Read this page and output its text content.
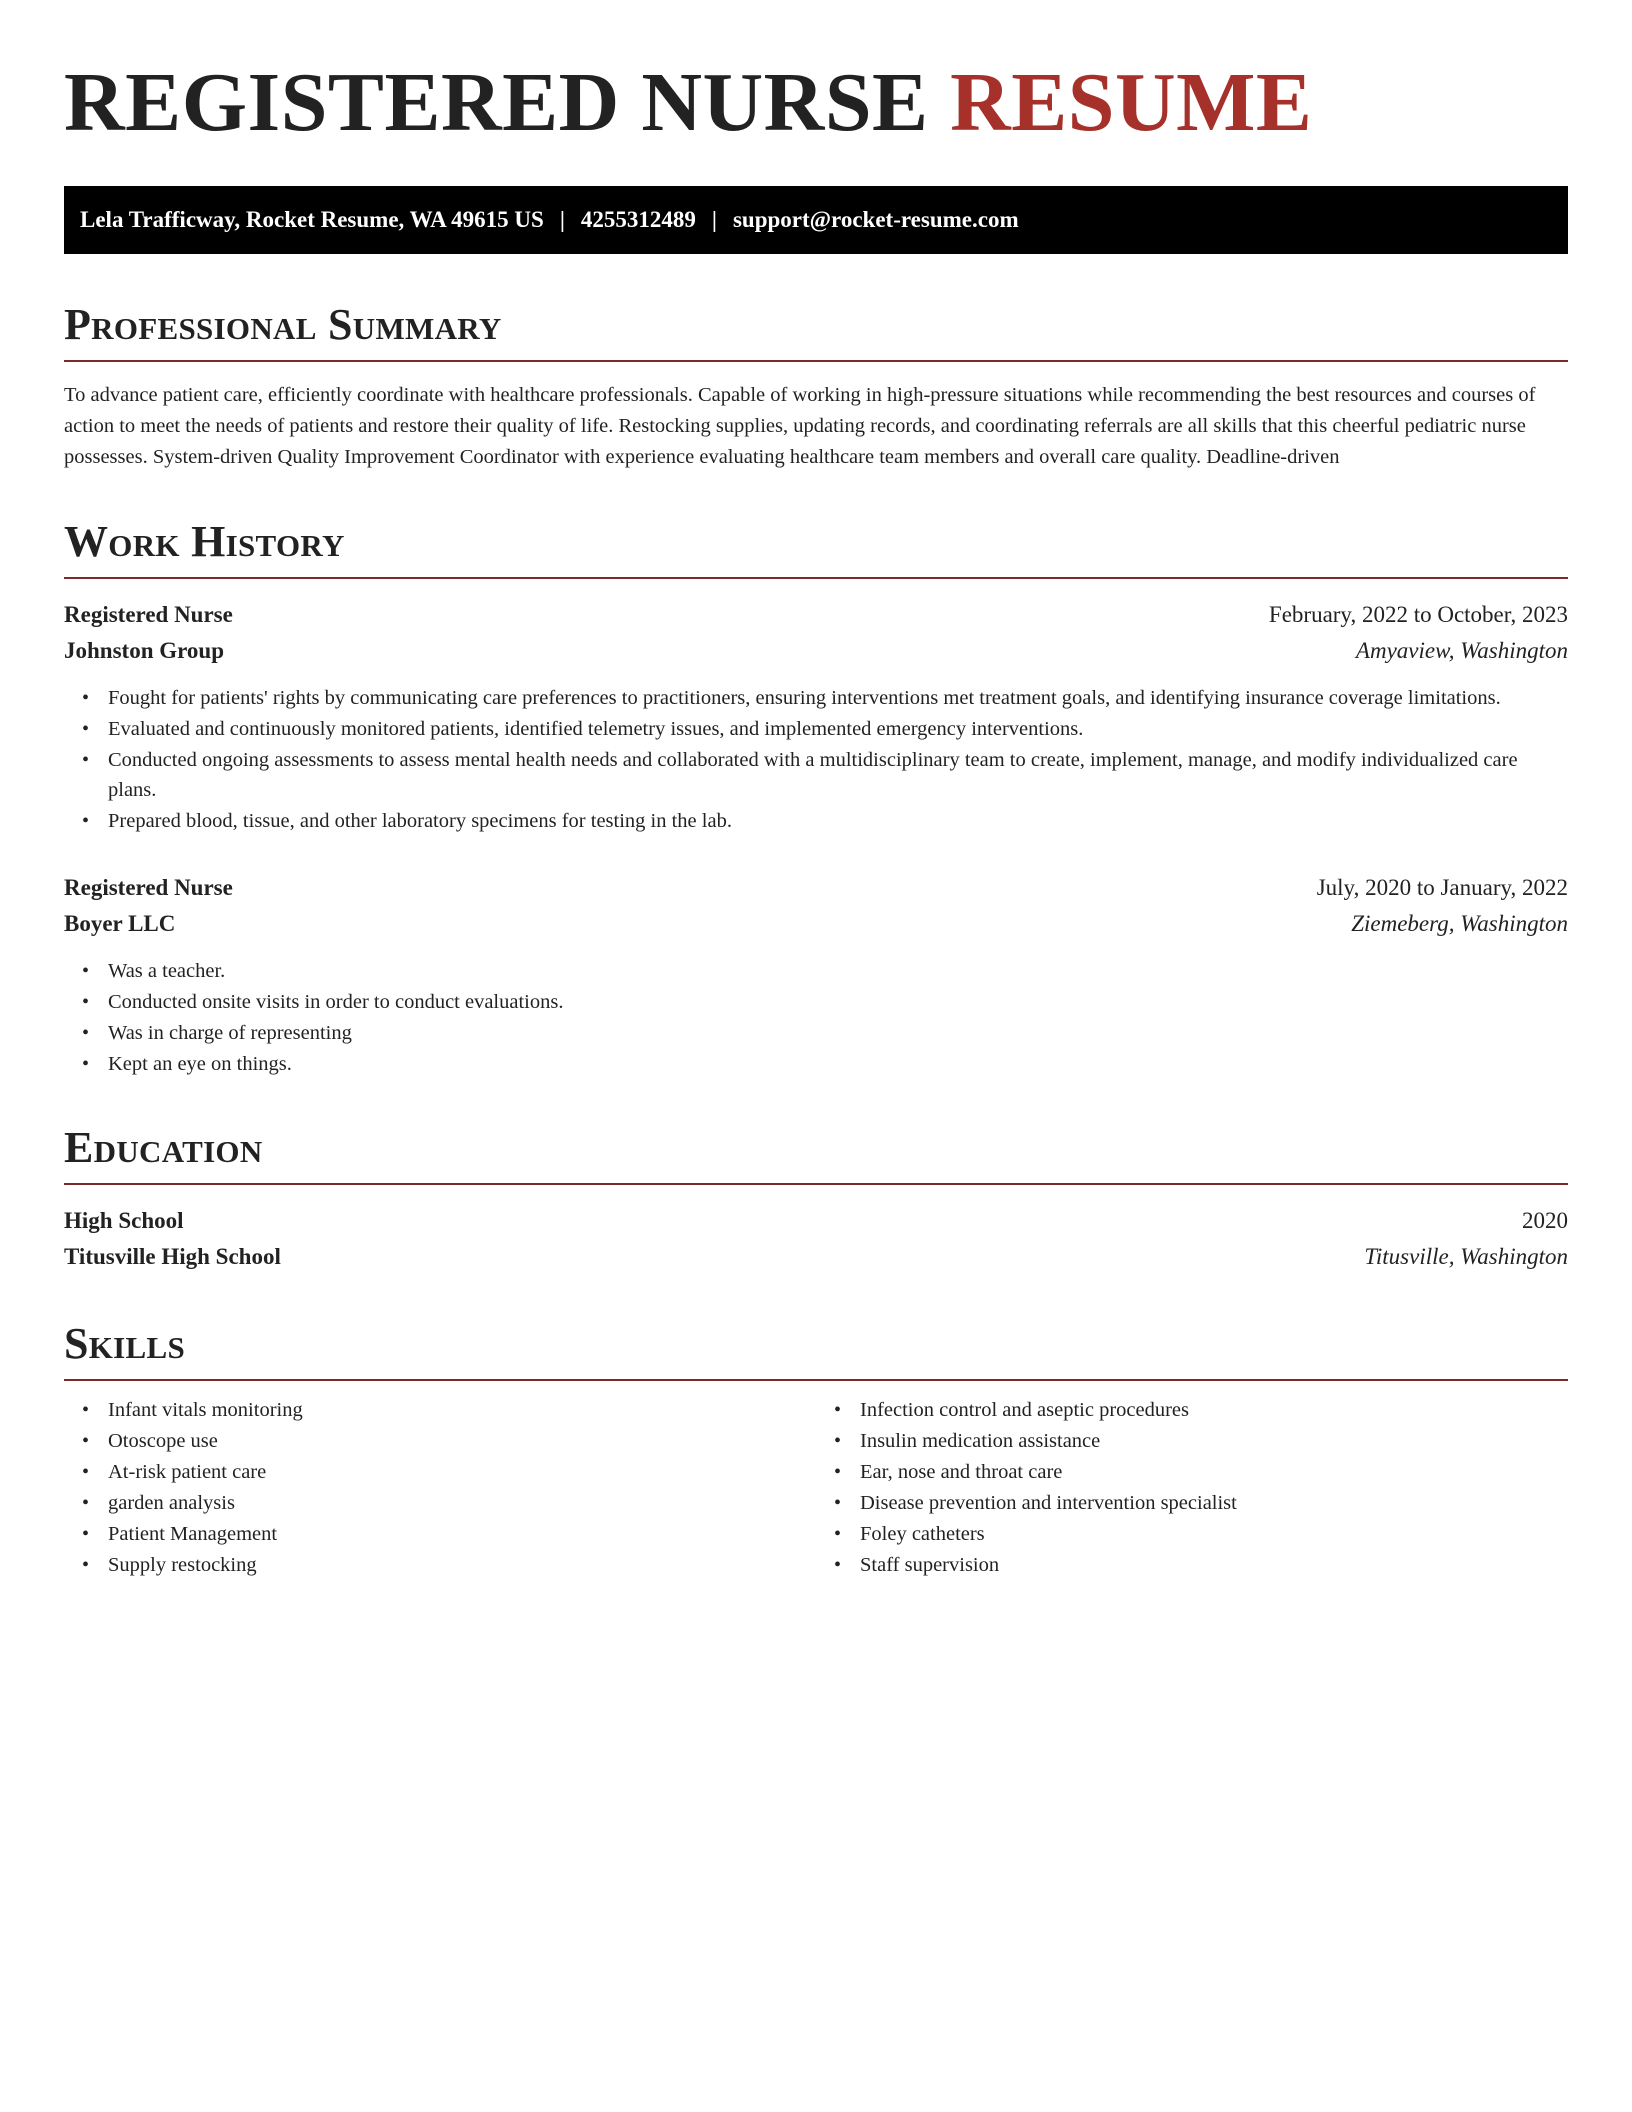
REGISTERED NURSE RESUME
Lela Trafficway, Rocket Resume, WA 49615 US | 4255312489 | support@rocket-resume.com
Professional Summary

To advance patient care, efficiently coordinate with healthcare professionals. Capable of working in high-pressure situations while recommending the best resources and courses of action to meet the needs of patients and restore their quality of life. Restocking supplies, updating records, and coordinating referrals are all skills that this cheerful pediatric nurse possesses. System-driven Quality Improvement Coordinator with experience evaluating healthcare team members and overall care quality. Deadline-driven

Work History
Registered Nurse	February, 2022 to October, 2023
Johnston Group	Amyaview, Washington
• Fought for patients' rights by communicating care preferences to practitioners, ensuring interventions met treatment goals, and identifying insurance coverage limitations.
• Evaluated and continuously monitored patients, identified telemetry issues, and implemented emergency interventions.
• Conducted ongoing assessments to assess mental health needs and collaborated with a multidisciplinary team to create, implement, manage, and modify individualized care plans.
• Prepared blood, tissue, and other laboratory specimens for testing in the lab.
Registered Nurse	July, 2020 to January, 2022
Boyer LLC	Ziemeberg, Washington
• Was a teacher.
• Conducted onsite visits in order to conduct evaluations.
• Was in charge of representing
• Kept an eye on things.
Education
High School	2020
Titusville High School	Titusville, Washington
Skills
• Infant vitals monitoring
• Otoscope use
• At-risk patient care
• garden analysis
• Patient Management
• Supply restocking
• Infection control and aseptic procedures
• Insulin medication assistance
• Ear, nose and throat care
• Disease prevention and intervention specialist
• Foley catheters
• Staff supervision
